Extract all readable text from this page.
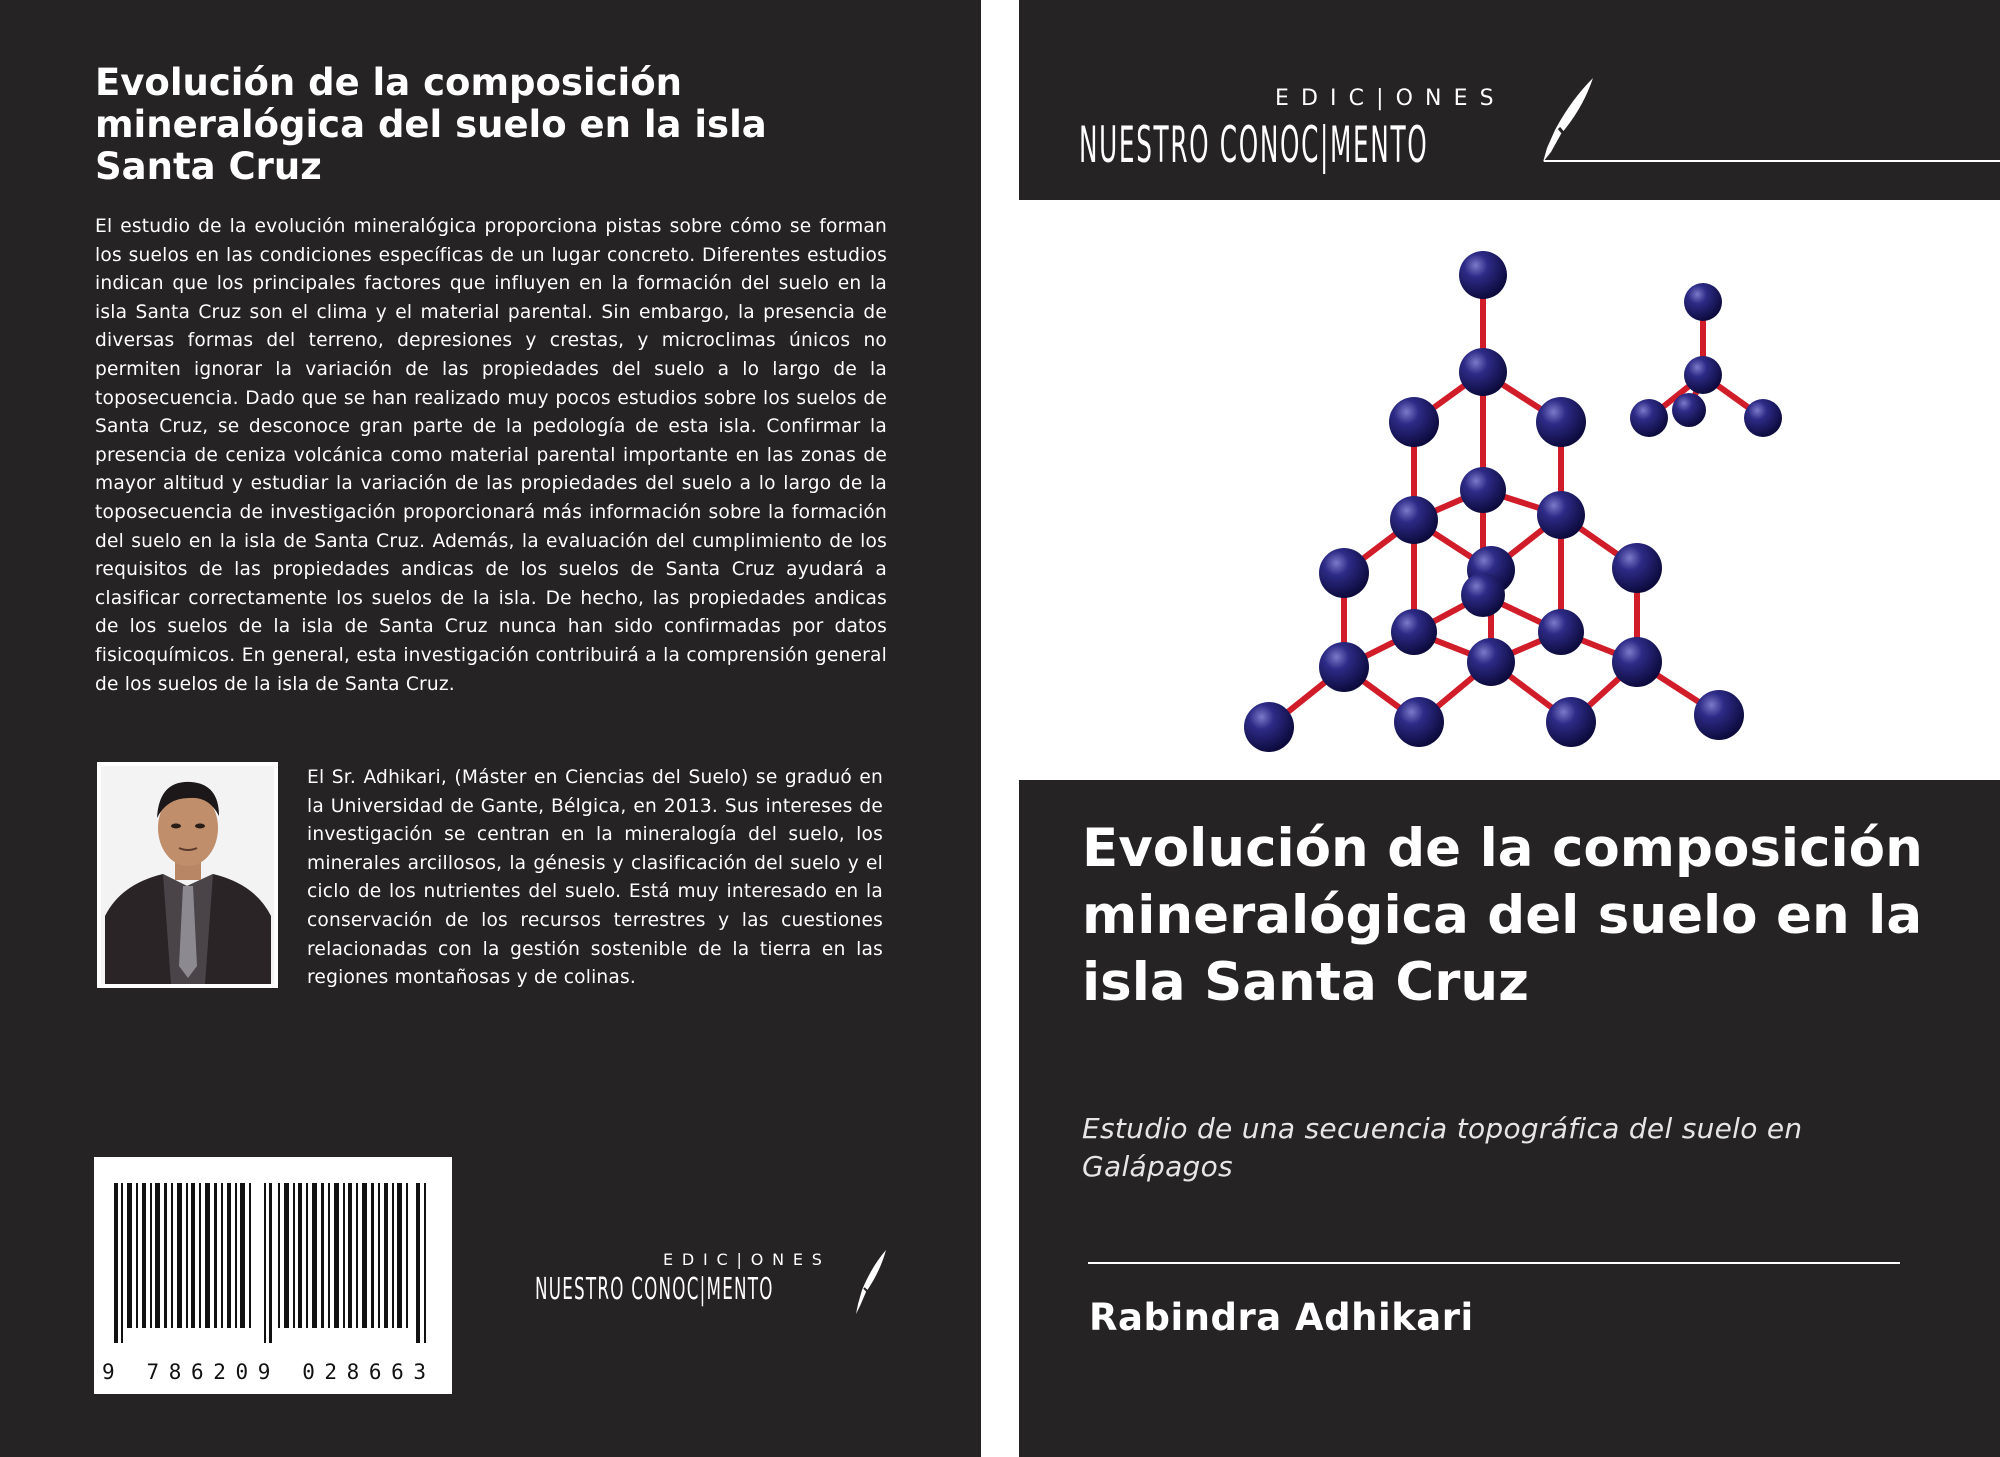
Evolución de la composición mineralógica del suelo en la isla Santa Cruz
El estudio de la evolución mineralógica proporciona pistas sobre cómo se forman los suelos en las condiciones específicas de un lugar concreto. Diferentes estudios indican que los principales factores que influyen en la formación del suelo en la isla Santa Cruz son el clima y el material parental. Sin embargo, la presencia de diversas formas del terreno, depresiones y crestas, y microclimas únicos no permiten ignorar la variación de las propiedades del suelo a lo largo de la toposecuencia. Dado que se han realizado muy pocos estudios sobre los suelos de Santa Cruz, se desconoce gran parte de la pedología de esta isla. Confirmar la presencia de ceniza volcánica como material parental importante en las zonas de mayor altitud y estudiar la variación de las propiedades del suelo a lo largo de la toposecuencia de investigación proporcionará más información sobre la formación del suelo en la isla de Santa Cruz. Además, la evaluación del cumplimiento de los requisitos de las propiedades andicas de los suelos de Santa Cruz ayudará a clasificar correctamente los suelos de la isla. De hecho, las propiedades andicas de los suelos de la isla de Santa Cruz nunca han sido confirmadas por datos fisicoquímicos. En general, esta investigación contribuirá a la comprensión general de los suelos de la isla de Santa Cruz.
El Sr. Adhikari, (Máster en Ciencias del Suelo) se graduó en la Universidad de Gante, Bélgica, en 2013. Sus intereses de investigación se centran en la mineralogía del suelo, los minerales arcillosos, la génesis y clasificación del suelo y el ciclo de los nutrientes del suelo. Está muy interesado en la conservación de los recursos terrestres y las cuestiones relacionadas con la gestión sostenible de la tierra en las regiones montañosas y de colinas.
9 786209 028663
EDIC|ONES
NUESTRO CONOC|MENTO
EDIC|ONES
NUESTRO CONOC|MENTO
Evolución de la composición mineralógica del suelo en la isla Santa Cruz
Estudio de una secuencia topográfica del suelo en Galápagos
Rabindra Adhikari
